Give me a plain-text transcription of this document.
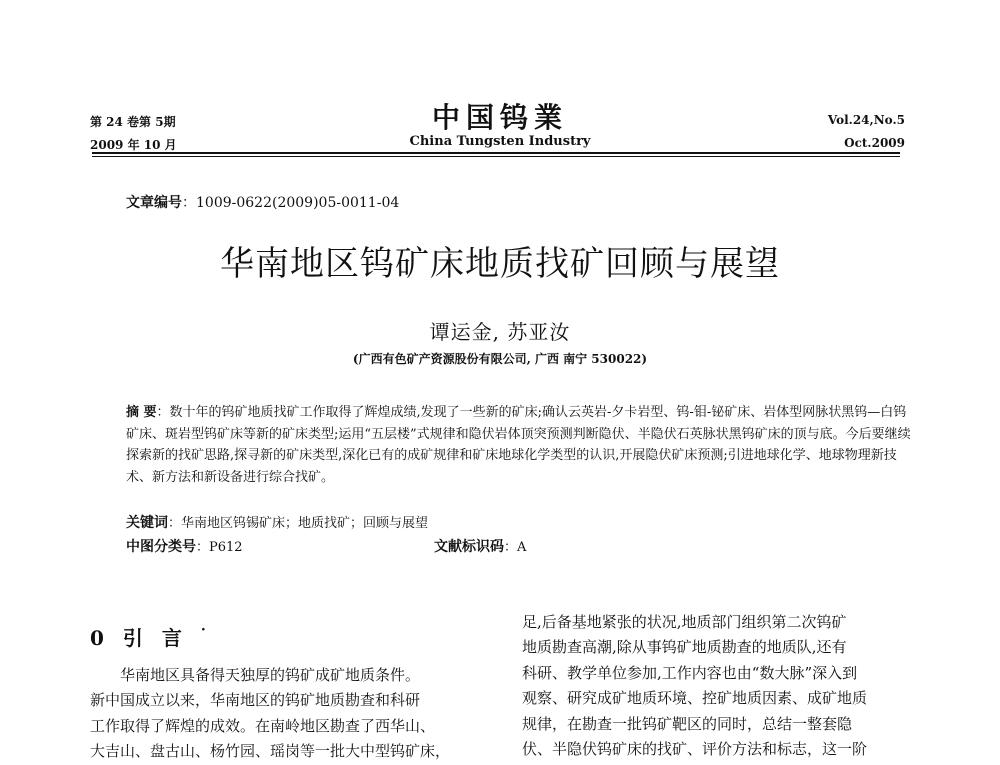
第 24 卷第 5期
2009 年 10 月
中国钨業
China Tungsten Industry
Vol.24,No.5
Oct.2009
文章编号：1009-0622(2009)05-0011-04
华南地区钨矿床地质找矿回顾与展望
谭运金, 苏亚汝
(广西有色矿产资源股份有限公司, 广西 南宁 530022)
摘 要：数十年的钨矿地质找矿工作取得了辉煌成绩,发现了一些新的矿床;确认云英岩-夕卡岩型、钨-钼-铋矿床、岩体型网脉状黑钨—白钨矿床、斑岩型钨矿床等新的矿床类型;运用“五层楼”式规律和隐伏岩体顶突预测判断隐伏、半隐伏石英脉状黑钨矿床的顶与底。今后要继续探索新的找矿思路,探寻新的矿床类型,深化已有的成矿规律和矿床地球化学类型的认识,开展隐伏矿床预测;引进地球化学、地球物理新技术、新方法和新设备进行综合找矿。
关键词：华南地区钨锡矿床；地质找矿；回顾与展望
中图分类号：P612	文献标识码：A
0 引 言 ·

华南地区具备得天独厚的钨矿成矿地质条件。

新中国成立以来，华南地区的钨矿地质勘查和科研

工作取得了辉煌的成效。在南岭地区勘查了西华山、

大吉山、盘古山、杨竹园、瑶岗等一批大中型钨矿床，

足,后备基地紧张的状况,地质部门组织第二次钨矿

地质勘查高潮,除从事钨矿地质勘查的地质队,还有

科研、教学单位参加,工作内容也由“数大脉”深入到

观察、研究成矿地质环境、控矿地质因素、成矿地质

规律，在勘查一批钨矿靶区的同时，总结一整套隐

伏、半隐伏钨矿床的找矿、评价方法和标志，这一阶
